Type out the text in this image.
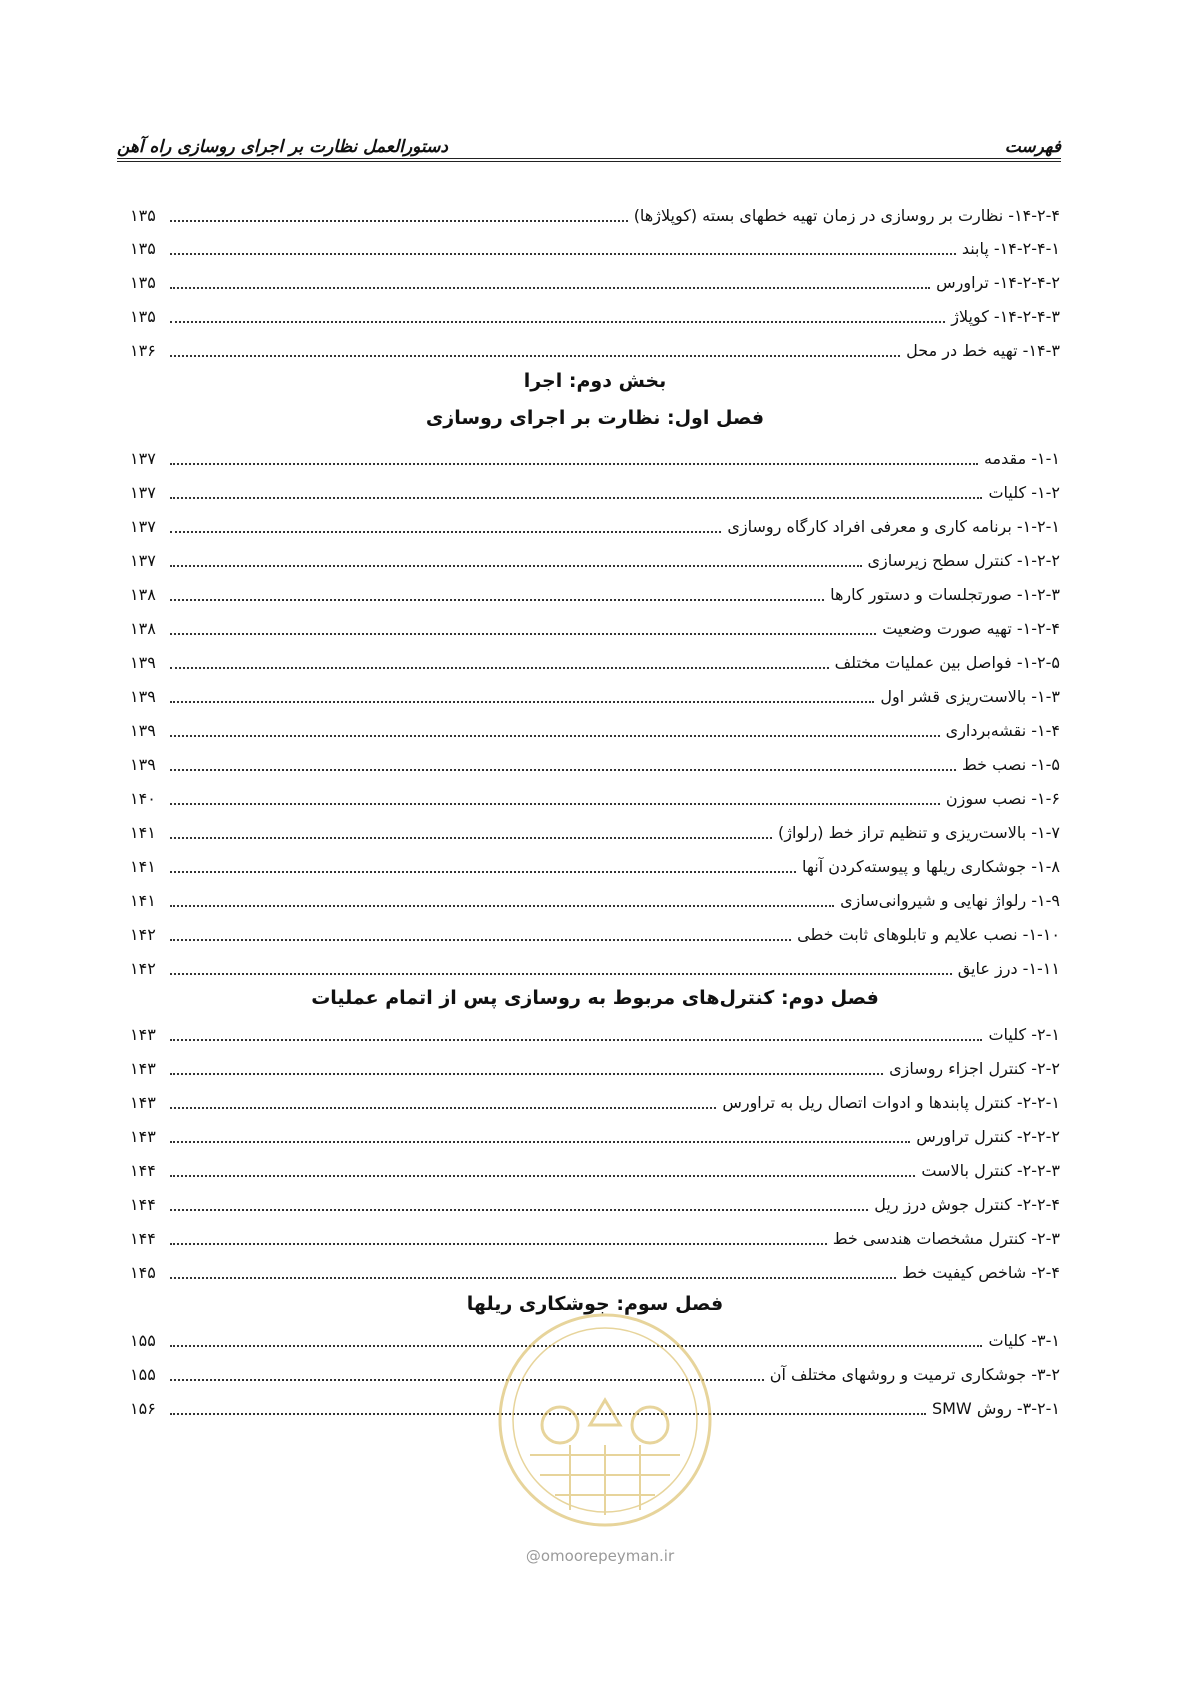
فهرست
دستورالعمل نظارت بر اجرای روسازی راه آهن
۱۴-۲-۴- نظارت بر روسازی در زمان تهیه خطهای بسته (کوپلاژها)
۱۳۵
۱۴-۲-۴-۱- پابند
۱۳۵
۱۴-۲-۴-۲- تراورس
۱۳۵
۱۴-۲-۴-۳- کوپلاژ
۱۳۵
۱۴-۳- تهیه خط در محل
۱۳۶
بخش دوم: اجرا
فصل اول: نظارت بر اجرای روسازی
۱-۱- مقدمه
۱۳۷
۱-۲- کلیات
۱۳۷
۱-۲-۱- برنامه کاری و معرفی افراد کارگاه روسازی
۱۳۷
۱-۲-۲- کنترل سطح زیرسازی
۱۳۷
۱-۲-۳- صورتجلسات و دستور کارها
۱۳۸
۱-۲-۴- تهیه صورت وضعیت
۱۳۸
۱-۲-۵- فواصل بین عملیات مختلف
۱۳۹
۱-۳- بالاست‌ریزی قشر اول
۱۳۹
۱-۴- نقشه‌برداری
۱۳۹
۱-۵- نصب خط
۱۳۹
۱-۶- نصب سوزن
۱۴۰
۱-۷- بالاست‌ریزی و تنظیم تراز خط (رلواژ)
۱۴۱
۱-۸- جوشکاری ریلها و پیوسته‌کردن آنها
۱۴۱
۱-۹- رلواژ نهایی و شیروانی‌سازی
۱۴۱
۱-۱۰- نصب علایم و تابلوهای ثابت خطی
۱۴۲
۱-۱۱- درز عایق
۱۴۲
فصل دوم: کنترل‌های مربوط به روسازی پس از اتمام عملیات
۲-۱- کلیات
۱۴۳
۲-۲- کنترل اجزاء روسازی
۱۴۳
۲-۲-۱- کنترل پابندها و ادوات اتصال ریل به تراورس
۱۴۳
۲-۲-۲- کنترل تراورس
۱۴۳
۲-۲-۳- کنترل بالاست
۱۴۴
۲-۲-۴- کنترل جوش درز ریل
۱۴۴
۲-۳- کنترل مشخصات هندسی خط
۱۴۴
۲-۴- شاخص کیفیت خط
۱۴۵
فصل سوم: جوشکاری ریلها
۳-۱- کلیات
۱۵۵
۳-۲- جوشکاری ترمیت و روشهای مختلف آن
۱۵۵
۳-۲-۱- روش SMW
۱۵۶
@omoorepeyman.ir
